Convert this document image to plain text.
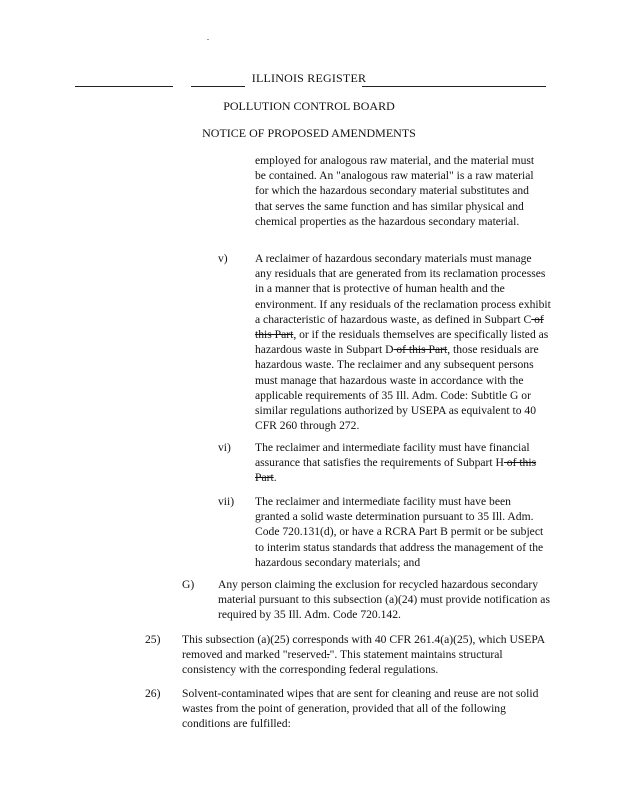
ILLINOIS REGISTER
POLLUTION CONTROL BOARD
NOTICE OF PROPOSED AMENDMENTS
employed for analogous raw material, and the material must be contained. An "analogous raw material" is a raw material for which the hazardous secondary material substitutes and that serves the same function and has similar physical and chemical properties as the hazardous secondary material.
v) A reclaimer of hazardous secondary materials must manage any residuals that are generated from its reclamation processes in a manner that is protective of human health and the environment. If any residuals of the reclamation process exhibit a characteristic of hazardous waste, as defined in Subpart C of this Part, or if the residuals themselves are specifically listed as hazardous waste in Subpart D of this Part, those residuals are hazardous waste. The reclaimer and any subsequent persons must manage that hazardous waste in accordance with the applicable requirements of 35 Ill. Adm. Code: Subtitle G or similar regulations authorized by USEPA as equivalent to 40 CFR 260 through 272.
vi) The reclaimer and intermediate facility must have financial assurance that satisfies the requirements of Subpart H of this Part.
vii) The reclaimer and intermediate facility must have been granted a solid waste determination pursuant to 35 Ill. Adm. Code 720.131(d), or have a RCRA Part B permit or be subject to interim status standards that address the management of the hazardous secondary materials; and
G) Any person claiming the exclusion for recycled hazardous secondary material pursuant to this subsection (a)(24) must provide notification as required by 35 Ill. Adm. Code 720.142.
25) This subsection (a)(25) corresponds with 40 CFR 261.4(a)(25), which USEPA removed and marked "reserved.". This statement maintains structural consistency with the corresponding federal regulations.
26) Solvent-contaminated wipes that are sent for cleaning and reuse are not solid wastes from the point of generation, provided that all of the following conditions are fulfilled:
